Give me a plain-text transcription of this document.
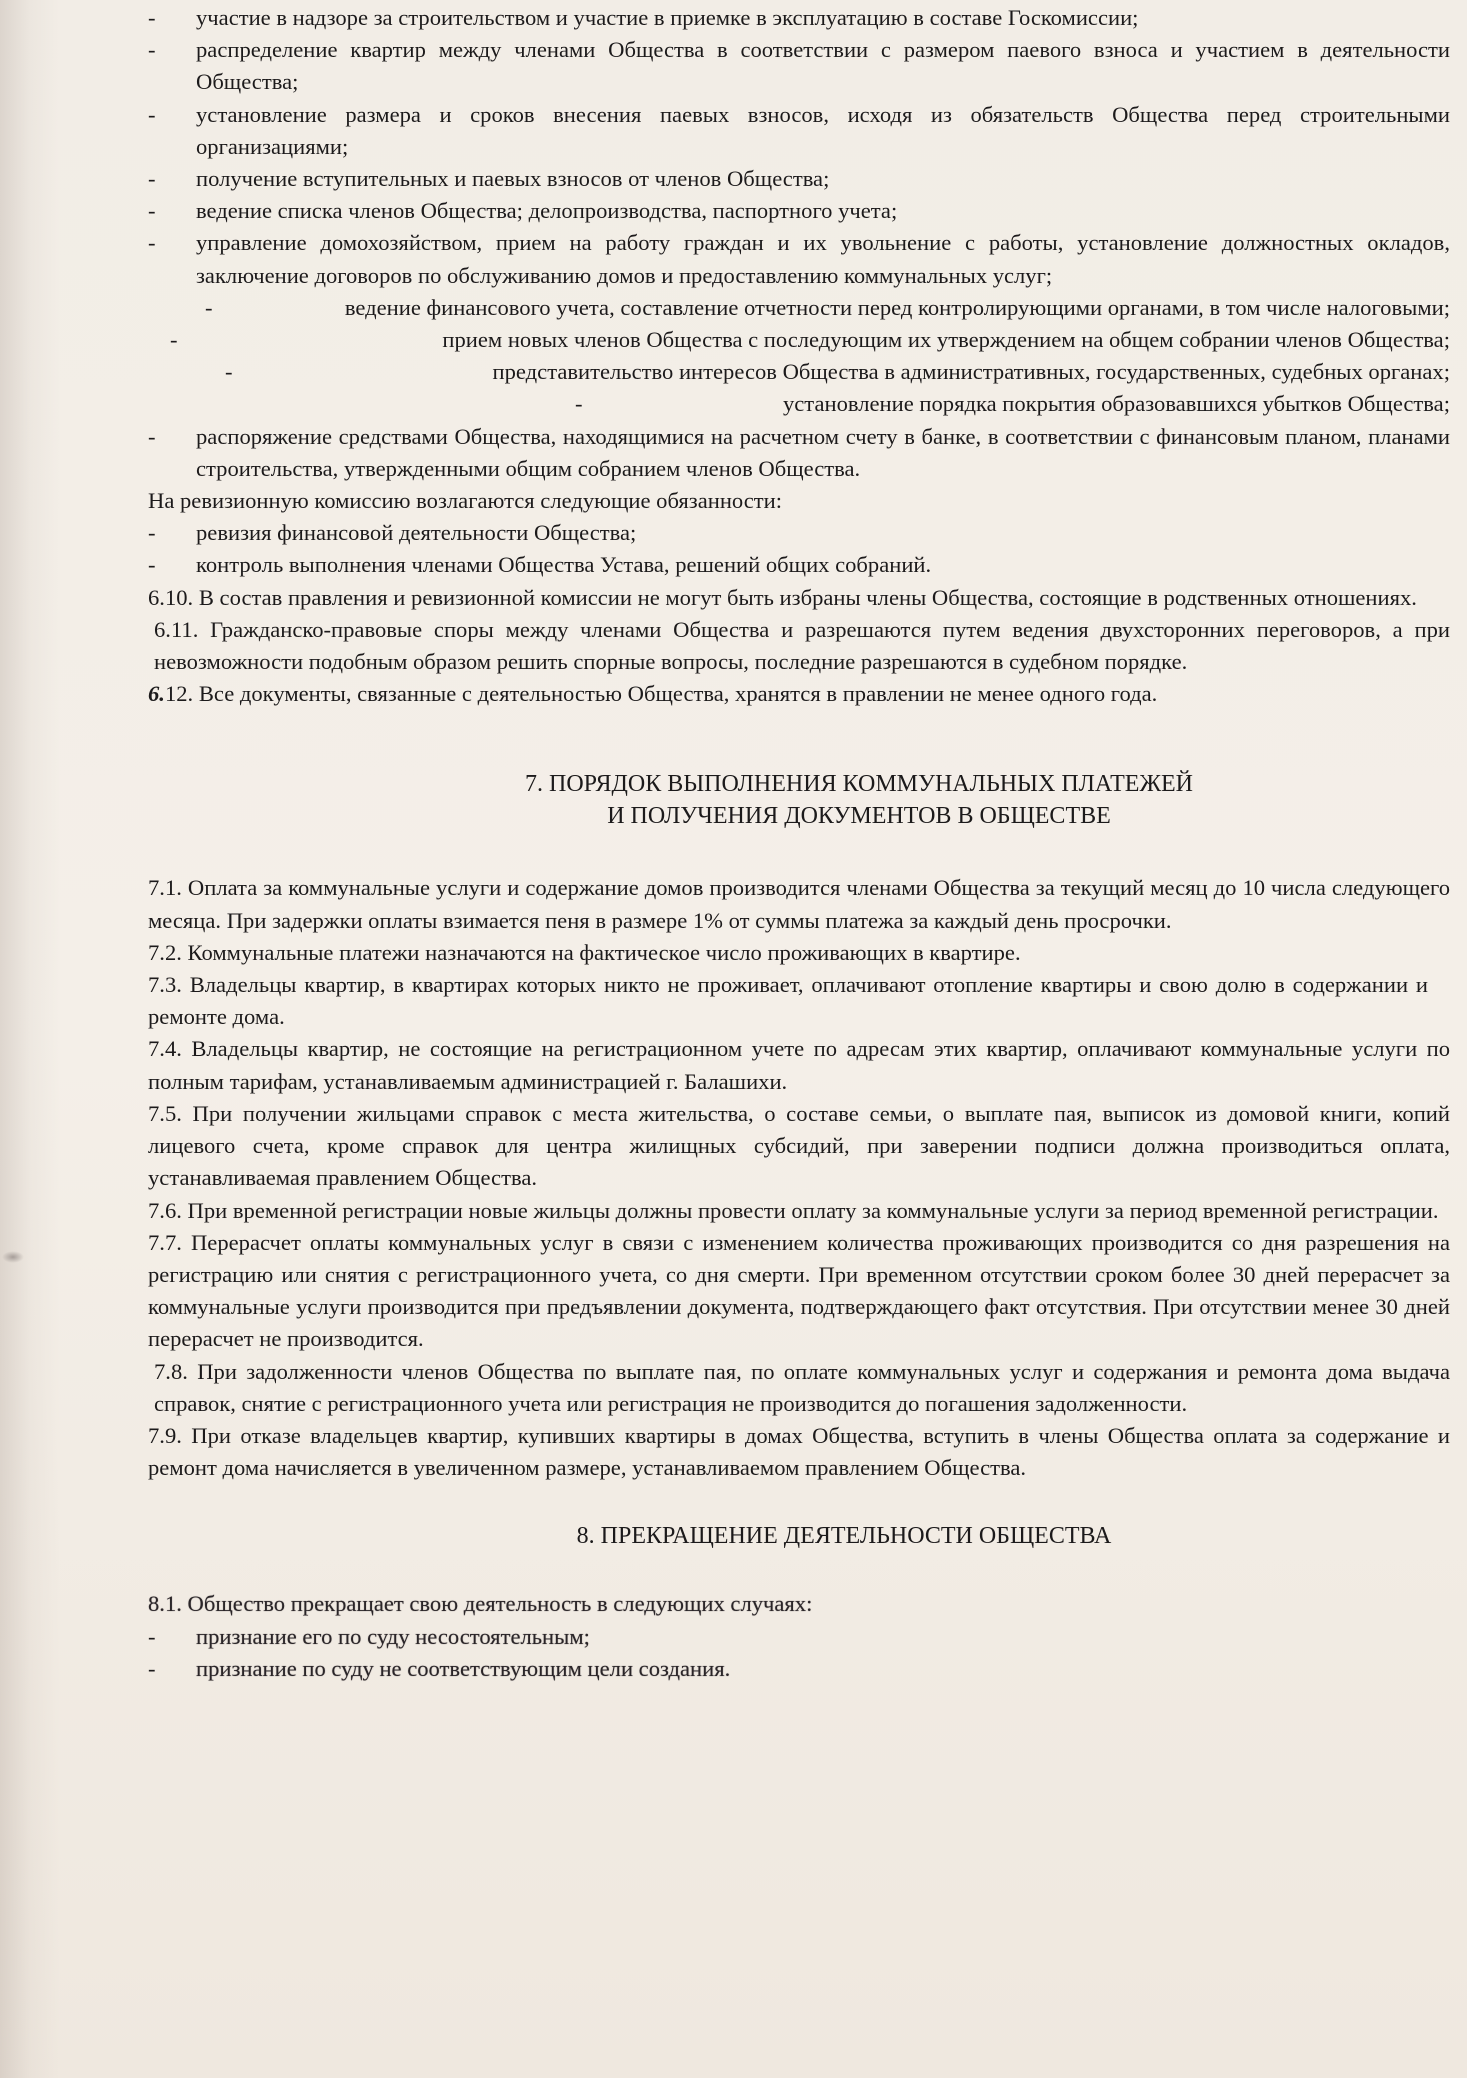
- участие в надзоре за строительством и участие в приемке в эксплуатацию в составе Госкомиссии;
- распределение квартир между членами Общества в соответствии с размером паевого взноса и участием в деятельности Общества;
- установление размера и сроков внесения паевых взносов, исходя из обязательств Общества перед строительными организациями;
- получение вступительных и паевых взносов от членов Общества;
- ведение списка членов Общества; делопроизводства, паспортного учета;
- управление домохозяйством, прием на работу граждан и их увольнение с работы, установление должностных окладов, заключение договоров по обслуживанию домов и предоставлению коммунальных услуг;
-	ведение финансового учета, составление отчетности перед контролирующими органами, в том числе налоговыми;
-	прием новых членов Общества с последующим их утверждением на общем собрании членов Общества;
-	представительство интересов Общества в административных, государственных, судебных органах;
-	установление порядка покрытия образовавшихся убытков Общества;
- распоряжение средствами Общества, находящимися на расчетном счету в банке, в соответствии с финансовым планом, планами строительства, утвержденными общим собранием членов Общества.
На ревизионную комиссию возлагаются следующие обязанности:
- ревизия финансовой деятельности Общества;
- контроль выполнения членами Общества Устава, решений общих собраний.
6.10. В состав правления и ревизионной комиссии не могут быть избраны члены Общества, состоящие в родственных отношениях.
6.11. Гражданско-правовые споры между членами Общества и разрешаются путем ведения двухсторонних переговоров, а при невозможности подобным образом решить спорные вопросы, последние разрешаются в судебном порядке.
6.12. Все документы, связанные с деятельностью Общества, хранятся в правлении не менее одного года.
7. ПОРЯДОК ВЫПОЛНЕНИЯ КОММУНАЛЬНЫХ ПЛАТЕЖЕЙ
И ПОЛУЧЕНИЯ ДОКУМЕНТОВ В ОБЩЕСТВЕ
7.1. Оплата за коммунальные услуги и содержание домов производится членами Общества за текущий месяц до 10 числа следующего месяца. При задержки оплаты взимается пеня в размере 1% от суммы платежа за каждый день просрочки.
7.2. Коммунальные платежи назначаются на фактическое число проживающих в квартире.
7.3. Владельцы квартир, в квартирах которых никто не проживает, оплачивают отопление квартиры и свою долю в содержании и ремонте дома.
7.4. Владельцы квартир, не состоящие на регистрационном учете по адресам этих квартир, оплачивают коммунальные услуги по полным тарифам, устанавливаемым администрацией г. Балашихи.
7.5. При получении жильцами справок с места жительства, о составе семьи, о выплате пая, выписок из домовой книги, копий лицевого счета, кроме справок для центра жилищных субсидий, при заверении подписи должна производиться оплата, устанавливаемая правлением Общества.
7.6. При временной регистрации новые жильцы должны провести оплату за коммунальные услуги за период временной регистрации.
7.7. Перерасчет оплаты коммунальных услуг в связи с изменением количества проживающих производится со дня разрешения на регистрацию или снятия с регистрационного учета, со дня смерти. При временном отсутствии сроком более 30 дней перерасчет за коммунальные услуги производится при предъявлении документа, подтверждающего факт отсутствия. При отсутствии менее 30 дней перерасчет не производится.
7.8. При задолженности членов Общества по выплате пая, по оплате коммунальных услуг и содержания и ремонта дома выдача справок, снятие с регистрационного учета или регистрация не производится до погашения задолженности.
7.9. При отказе владельцев квартир, купивших квартиры в домах Общества, вступить в члены Общества оплата за содержание и ремонт дома начисляется в увеличенном размере, устанавливаемом правлением Общества.
8. ПРЕКРАЩЕНИЕ ДЕЯТЕЛЬНОСТИ ОБЩЕСТВА
8.1. Общество прекращает свою деятельность в следующих случаях:
- признание его по суду несостоятельным;
- признание по суду не соответствующим цели создания.
